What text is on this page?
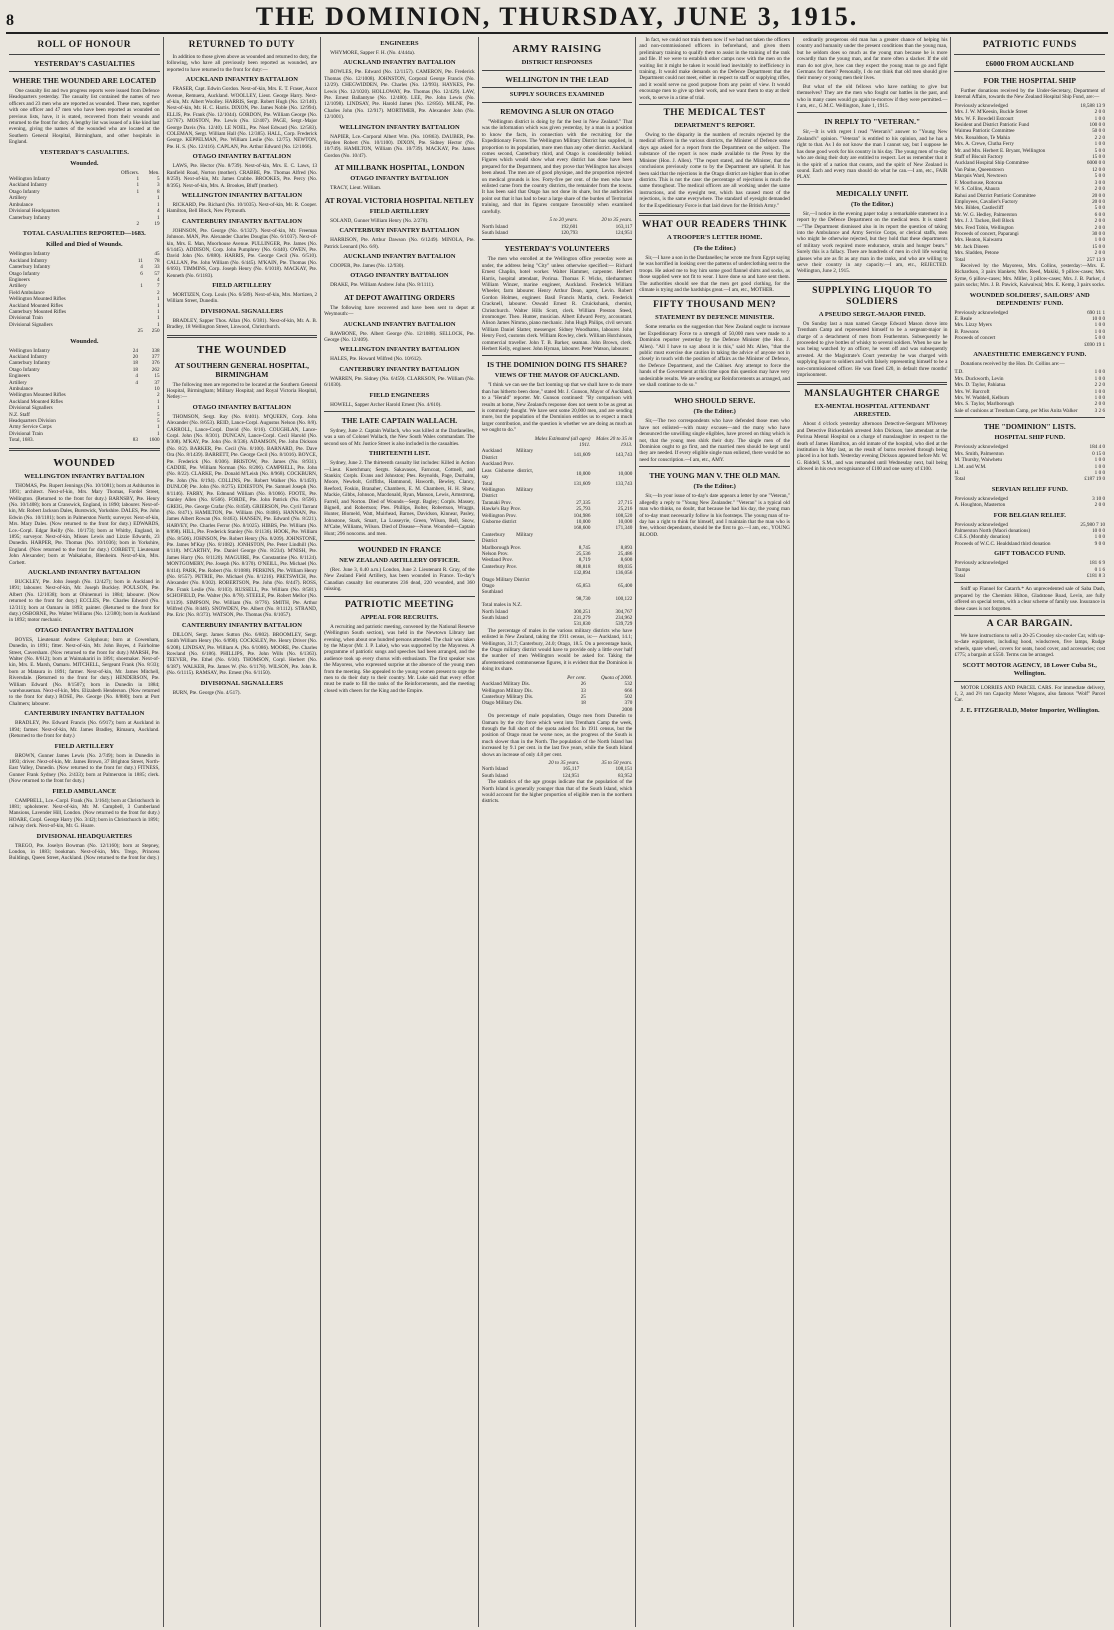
8	THE DOMINION, THURSDAY, JUNE 3, 1915.
ROLL OF HONOUR
YESTERDAY'S CASUALTIES
WHERE THE WOUNDED ARE LOCATED

One casualty list and two progress reports were issued from Defence Headquarters yesterday. The casualty list contained the names of two officers and 23 men who are reported as wounded. These men, together with one officer and 47 men who have been reported as wounded on previous lists, have, it is stated, recovered from their wounds and returned to the front for duty. A lengthy list was issued of a like kind last evening, giving the names of the wounded who are located at the Southern General Hospital, Birmingham, and other hospitals in England.

YESTERDAY'S CASUALTIES.
Wounded.
	Officers.	Men.
Wellington Infantry	1	5
Auckland Infantry	1	3
Otago Infantry	1	8
Artillery		1
Ambulance		1
Divisional Headquarters		4
Canterbury Infantry		1
	2	19
TOTAL CASUALTIES REPORTED—1683.
Killed and Died of Wounds.
Wellington Infantry		45
Auckland Infantry	11	78
Canterbury Infantry	4	33
Otago Infantry	6	57
Engineers		4
Artillery	1	7
Field Ambulance		2
Wellington Mounted Rifles		1
Auckland Mounted Rifles		1
Canterbury Mounted Rifles		1
Divisional Train		1
Divisional Signallers		1
	25	250
Wounded.
Wellington Infantry	24	338
Auckland Infantry	20	377
Canterbury Infantry	18	376
Otago Infantry	18	262
Engineers	4	15
Artillery	4	37
Ambulance		10
Wellington Mounted Rifles		2
Auckland Mounted Rifles		1
Divisional Signallers		1
N.Z. Staff		5
Headquarters Division		5
Army Service Corps		1
Divisional Train		1
Total, 1683.	83	1600
WOUNDED
WELLINGTON INFANTRY BATTALION

THOMAS, Pte. Rupert Jennings (No. 10/1081); born at Ashburton in 1891; architect. Next-of-kin, Mrs. Mary Thomas, Fordel Street, Wellington. (Returned to the front for duty.) BARNSBY, Pte. Henry (No. 10/1408); born at Cranswick, England, in 1890; labourer. Next-of-kin, Mr. Robert Jackson Dales, Burstwick, Yorkshire. DALES, Pte. John Edwin (No. 10/1181); born in Palmerston North; surveyor. Next-of-kin, Mrs. Mary Dales. (Now returned to the front for duty.) EDWARDS, Lce.-Corpl. Edgar Reilly (No. 10/173); born at Whitby, England, in 1895; surveyor. Next-of-kin, Misses Lewis and Lizzie Edwards, 23 Dunedin. HARPER, Pte. Thomas (No. 10/1036); born in Yorkshire, England. (Now returned to the front for duty.) CORBETT, Lieutenant John Alexander; born at Waikakaho, Blenheim. Next-of-kin, Mrs. Corbett.

AUCKLAND INFANTRY BATTALION

BUCKLEY, Pte. John Joseph (No. 12/427); born in Auckland in 1891; labourer. Next-of-kin, Mr. Joseph Buckley. POULSON, Pte. Albert (No. 12/1038); born at Ohinemuri in 1884; labourer. (Now returned to the front for duty.) ECCLES, Pte. Charles Edward (No. 12/311); born at Oamaru in 1893; painter. (Returned to the front for duty.) OSBORNE, Pte. Walter Williams (No. 12/380); born in Auckland in 1892; motor mechanic.

OTAGO INFANTRY BATTALION

BOYES, Lieutenant Andrew Colquhoun; born at Cowenham, Dunedin, in 1891; fitter. Next-of-kin, Mr. John Boyes, 4 Fairholme Street, Caversham. (Now returned to the front for duty.) MARSH, Pte. Walter (No. 8/612); born at Waimakariri in 1891; shoemaker. Next-of-kin, Mrs. E. Marsh, Oamaru. MITCHELL, Sergeant Frank (No. 8/33); born at Mataura in 1891; farmer. Next-of-kin, Mr. James Mitchell, Riversdale. (Returned to the front for duty.) HENDERSON, Pte. William Edward (No. 8/1507); born in Dunedin in 1884; warehouseman. Next-of-kin, Mrs. Elizabeth Henderson. (Now returned to the front for duty.) ROSE, Pte. George (No. 8/880); born at Port Chalmers; labourer.

CANTERBURY INFANTRY BATTALION

BRADLEY, Pte. Edward Francis (No. 6/917); born at Auckland in 1894; farmer. Next-of-kin, Mr. James Bradley, Rimaura, Auckland. (Returned to the front for duty.)

FIELD ARTILLERY

BROWN, Gunner James Lewis (No. 2/749); born in Dunedin in 1893; driver. Next-of-kin, Mr. James Brown, 37 Brighton Street, North-East Valley, Dunedin. (Now returned to the front for duty.) FITNESS, Gunner Frank Sydney (No. 2/433); born at Palmerston in 1885; clerk. (Now returned to the front for duty.)

FIELD AMBULANCE

CAMPBELL, Lce.-Corpl. Frank (No. 3/164); born at Christchurch in 1881; upholsterer. Next-of-kin, Mr. M. Campbell, 3 Cumberland Mansions, Lavender Hill, London. (Now returned to the front for duty.) HOARE, Corpl. George Harry (No. 3/42); born in Christchurch in 1891; railway clerk. Next-of-kin, Mr. G. Hoare.

DIVISIONAL HEADQUARTERS

TREGO, Pte. Joselyn Bowman (No. 12/1160); born at Stepney, London, in 1883; bookman. Next-of-kin, Mrs. Trego, Princess Buildings, Queen Street, Auckland. (Now returned to the front for duty.)

RETURNED TO DUTY

In addition to those given above as wounded and returned to duty, the following, who have all previously been reported as wounded, are reported to have returned to the front for duty:—

AUCKLAND INFANTRY BATTALION

FRASER, Capt. Edwin Gordon. Next-of-kin, Mrs. E. T. Fraser, Ascot Avenue, Remuera, Auckland. WOOLLEY, Lieut. George Harry. Next-of-kin, Mr. Albert Woolley. HARRIS, Sergt. Robert Hugh (No. 12/140). Next-of-kin, Mr. H. C. Harris. DIXON, Pte. James Noble (No. 12/994). ELLIS, Pte. Frank (No. 12/1044). GORDON, Pte. William George (No. 12/767). MOSTON, Pte. Lewis (No. 12/407). PAGE, Sergt.-Major George Davis (No. 12/40). LE NOEL, Pte. Noel Edward (No. 12/583). COLEMAN, Sergt. William Hall (No. 12/385). HALL, Corp. Frederick George. KEPPELMAN, Pte. William Leslie (No. 12/75). NEWTON, Pte. H. S. (No. 12/416). CAPLAN, Pte. Arthur Edward (No. 12/1066).

OTAGO INFANTRY BATTALION

LAWS, Pte. Hector (No. 8/739). Next-of-kin, Mrs. E. C. Laws, 13 Ranfield Road, Norton (mother). CRABBE, Pte. Thomas Alfred (No. 8/259). Next-of-kin, Mr. James Crabbe. BROOKES, Pte. Percy (No. 8/395). Next-of-kin, Mrs. A. Brookes, Bluff (mother).

WELLINGTON INFANTRY BATTALION

RICKARD, Pte. Richard (No. 10/1035). Next-of-kin, Mr. R. Cooper. Hamilton, Bell Block, New Plymouth.

CANTERBURY INFANTRY BATTALION

JOHNSON, Pte. George (No. 6/1327). Next-of-kin, Mr. Freeman Johnson. MAN, Pte. Alexander Charles Douglas (No. 6/1037). Next-of-kin, Mrs. E. Man, Moorhouse Avenue. PULLINGER, Pte. James (No. 6/1445). ADDISON, Corp. John Pumphrey (No. 6/440). OWEN, Pte. David John (No. 6/880). HARRIS, Pte. George Cecil (No. 6/510). CALLAN, Pte. John William (No. 6/445). M'KAIN, Pte. Thomas (No. 6/693). TIMMINS, Corp. Joseph Henry (No. 6/1018). MACKAY, Pte. Kenneth (No. 6/1183).

FIELD ARTILLERY

MORTIZEN, Corp. Louis (No. 6/589). Next-of-kin, Mrs. Mortizen, 2 William Street, Dunedin.

DIVISIONAL SIGNALLERS

BRADLEY, Sapper Thos. Allan (No. 6/381). Next-of-kin, Mr. A. B. Bradley, 18 Wellington Street, Linwood, Christchurch.

THE WOUNDED
AT SOUTHERN GENERAL HOSPITAL, BIRMINGHAM

The following men are reported to be located at the Southern General Hospital, Birmingham; Military Hospital; and Royal Victoria Hospital, Netley:—

OTAGO INFANTRY BATTALION

THOMSON, Sergt. Ray (No. 8/401). M'QUEEN, Corp. John Alexander (No. 8/653). REID, Lance-Corpl. Augustus Nelson (No. 8/8). CARROLL, Lance-Corpl. David (No. 8/16). COUGHLAN, Lance-Corpl. John (No. 8/301). DUNCAN, Lance-Corpl. Cecil Harold (No. 8/308). M'KAY, Pte. John (No. 8/336). ADAMSON, Pte. John Dickson (No. 8/2). BARKER, Pte. Cecil (No. 8/100). BARNARD, Pte. Dave Ora (No. 8/1439). BARRETT, Pte. George Cecil (No. 8/1016). BOYCE, Pte. Frederick (No. 8/306). BRISTOW, Pte. James (No. 8/931). CADDIE, Pte. William Norman (No. 8/206). CAMPBELL, Pte. John (No. 8/22). CLARKE, Pte. Donald M'Leish (No. 8/968). COCKBURN, Pte. John (No. 8/194). COLLINS, Pte. Robert Walker (No. 8/1459). DUNLOP, Pte. John (No. 8/275). EDIESTON, Pte. Samuel Joseph (No. 8/1146). FARRY, Pte. Edmund William (No. 8/1066). FOOTE, Pte. Stanley Allen (No. 8/566). FORDE, Pte. John Patrick (No. 8/596). GREIG, Pte. George Crafar (No. 8/458). GRIERSON, Pte. Cyril Tarrant (No. 8/471). HAMILTON, Pte. William (No. 8/486). HANNAN, Pte. James Albert Rowan (No. 8/463). HANSEN, Pte. Edward (No. 8/221). HARVEY, Pte. Charles Ferror (No. 8/1025). HIBBS, Pte. William (No. 8/898). HILL, Pte. Frederick Stanley (No. 8/1136). HOOK, Pte. William (No. 8/506). JOHNSON, Pte. Robert Henry (No. 8/209). JOHNSTONE, Pte. James M'Kay (No. 8/1082). JONHSTON, Pte. Peter Lindhill (No. 8/118). M'CARTHY, Pte. Daniel George (No. 8/234). M'NISH, Pte. James Harry (No. 8/1120). MAGUIRE, Pte. Constantine (No. 8/1124). MONTGOMERY, Pte. Joseph (No. 8/370). O'NEILL, Pte. Michael (No. 8/414). PARK, Pte. Robert (No. 8/1088). PERKINS, Pte. William Henry (No. 8/557). PETRIE, Pte. Michael (No. 8/1216). PRETSWICH, Pte. Alexander (No. 8/302). ROBERTSON, Pte. John (No. 8/447). ROSS, Pte. Frank Leslie (No. 8/103). RUSSELL, Pte. William (No. 8/581). SCHOFIELD, Pte. Walter (No. 8/78). STEELE, Pte. Robert Mellor (No. 8/1139). SIMPSON, Pte. William (No. 8/776). SMITH, Pte. Arthur Wilfred (No. 8/446). SNOWDEN, Pte. Albert (No. 8/1112). STRAND, Pte. Eric (No. 8/373). WATSON, Pte. Thomas (No. 8/1057).

CANTERBURY INFANTRY BATTALION

DILLON, Sergt. James Sutton (No. 6/802). BROOMLEY, Sergt. Smith William Henry (No. 6/890). COCKSLEY, Pte. Henry Driver (No. 6/208). LINDSAY, Pte. William A. (No. 6/1086). MOORE, Pte. Charles Rowland (No. 6/186). PHILLIPS, Pte. John Wills (No. 6/1363). TEEVER, Pte. Ethel (No. 6/30). THOMSON, Corpl. Herbert (No. 6/387). WALKER, Pte. James W. (No. 6/1178). WILSON, Pte. John R. (No. 6/1115). RAMSAY, Pte. Ernest (No. 6/1150).

DIVISIONAL SIGNALLERS

BURN, Pte. George (No. 4/517).

ENGINEERS

WHYMORE, Sapper F. H. (No. 4/444a).

AUCKLAND INFANTRY BATTALION

BOWLES, Pte. Edward (No. 12/1157). CAMERON, Pte. Frederick Thomas (No. 12/1008). JOHNSTON, Corporal George Francis (No. 12/29). CHEGWIDDEN, Pte. Charles (No. 12/993). HAYKES, Pte. Lewis (No. 12/1020). HOLLOWAY, Pte. Thomas (No. 12/429). LAW, Pte. Ernest Ballantyne (No. 12/480). LEE, Pte. John Lewis (No. 12/1098). LINDSAY, Pte. Harold James (No. 12/856). MILNE, Pte. Charles John (No. 12/917). MORTIMER, Pte. Alexander John (No. 12/1001).

WELLINGTON INFANTRY BATTALION

NAPIER, Lce.-Corporal Albert Wm. (No. 10/863). DAUBER, Pte. Hayden Robert (No. 10/1100). DIXON, Pte. Sidney Hector (No. 10/749). HAMILTON, William (No. 10/739). MACKAY, Pte. James Gordon (No. 10/47).

AT MILLBANK HOSPITAL, LONDON
OTAGO INFANTRY BATTALION

TRACY, Lieut. William.

AT ROYAL VICTORIA HOSPITAL NETLEY
FIELD ARTILLERY

SOLAND, Gunner William Henry (No. 2/278).

CANTERBURY INFANTRY BATTALION

HARRISON, Pte. Arthur Dawson (No. 6/1249). MINOLA, Pte. Patrick Leonard (No. 6/8).

AUCKLAND INFANTRY BATTALION

COOPER, Pte. James (No. 12/930).

OTAGO INFANTRY BATTALION

DRAKE, Pte. William Andrew John (No. 8/1111).

AT DEPOT AWAITING ORDERS

The following have recovered and have been sent to depot at Weymouth:—

AUCKLAND INFANTRY BATTALION

RAWBONE, Pte. Albert George (No. 12/1088). SELLOCK, Pte. George (No. 12/409).

WELLINGTON INFANTRY BATTALION

HALES, Pte. Howard Wilfred (No. 10/612).

CANTERBURY INFANTRY BATTALION

WARREN, Pte. Sidney (No. 6/459). CLARKSON, Pte. William (No. 6/1030).

FIELD ENGINEERS

HOWELL, Sapper Archer Harold Ernest (No. 4/610).

THE LATE CAPTAIN WALLACH.

Sydney, June 2. Captain Wallach, who was killed at the Dardanelles, was a son of Colonel Wallach, the New South Wales commandant. The second son of Mr. Justice Street is also included in the casualties.

THIRTEENTH LIST.

Sydney, June 2. The thirteenth casualty list includes: Killed in Action—Lieut. Knetchman; Sergts. Sakavasos, Farncoat, Cottnell, and Stankin; Corpls. Evans and Johnston; Ptes. Reynolds, Page, Durhalm, Moore, Newbolt, Griffiths, Hammond, Haworth, Bewley, Clancy, Reeford, Foskin, Branaher, Chambers, E. M. Chambers, H. H. Shaw, Mackie, Gibbs, Johnson, Macdonald, Ryan, Manson, Lewis, Armstrong, Farrell, and Norton. Died of Wounds—Sergt. Bagley; Corpls. Massey, Bignell, and Robertson; Ptes. Phillips, Bolter, Robertson, Wraggs, Hunter, Blomeld, Watt, Muirhead, Barnes, Davidson, Kinnear, Pasley, Johnstone, Stark, Smart, La Lusseyrie, Green, Wilson, Bell, Snow, M'Cabe, Williams, Wilson. Died of Disease—None. Wounded—Captain Hunt; 296 noncoms. and men.

WOUNDED IN FRANCE
NEW ZEALAND ARTILLERY OFFICER.

(Rec. June 3, 0.40 a.m.) London, June 2. Lieutenant R. Gray, of the New Zealand Field Artillery, has been wounded in France. To-day's Canadian casualty list enumerates 236 dead, 220 wounded, and 360 missing.

PATRIOTIC MEETING
APPEAL FOR RECRUITS.

A recruiting and patriotic meeting, convened by the National Reserve (Wellington South section), was held in the Newtown Library last evening, when about one hundred persons attended. The chair was taken by the Mayor (Mr. J. P. Luke), who was supported by the Mayoress. A programme of patriotic songs and speeches had been arranged, and the audience took up every chorus with enthusiasm. The first speaker was the Mayoress, who expressed surprise at the absence of the young men from the meeting. She appealed to the young women present to urge the men to do their duty to their country. Mr. Luke said that every effort must be made to fill the ranks of the Reinforcements, and the meeting closed with cheers for the King and the Empire.

ARMY RAISING
DISTRICT RESPONSES
WELLINGTON IN THE LEAD
SUPPLY SOURCES EXAMINED
REMOVING A SLUR ON OTAGO

"Wellington district is doing by far the best in New Zealand." That was the information which was given yesterday, by a man in a position to know the facts, in connection with the recruiting for the Expeditionary Forces. The Wellington Military District has supplied, in proportion to its population, more men than any other district. Auckland comes second, Canterbury third, and Otago is considerably behind. Figures which would show what every district has done have been prepared for the Department, and they prove that Wellington has always been ahead. The men are of good physique, and the proportion rejected on medical grounds is low. Forty-five per cent. of the men who have enlisted came from the country districts, the remainder from the towns. It has been said that Otago has not done its share, but the authorities point out that it has had to bear a large share of the burden of Territorial training, and that its figures compare favourably when examined carefully.

	5 to 20 years.	20 to 35 years.
North Island	192,601	163,117
South Island	120,793	124,951
YESTERDAY'S VOLUNTEERS

The men who enrolled at the Wellington office yesterday were as under, the address being "City" unless otherwise specified:— Richard Ernest Chaplin, hotel worker. Walter Hammer, carpenter. Herbert Harris, hospital attendant, Porirua. Thomas F. Wicks, tilerhammer. William Winzer, marine engineer, Auckland. Frederick William Wheeler, farm labourer. Henry Arthur Dean, agent, Levin. Robert Gordon Holmes, engineer. Basil Francis Martin, clerk. Frederick Cracknell, labourer. Oswald Ernest R. Cruickshank, chemist, Christchurch. Walter Hills Scott, clerk. William Preston Steed, ironmonger. Theo. Hunter, musician. Albert Edward Perry, accountant. Alison James Nimmo, piano mechanic. John Hugh Philips, civil servant. William Daniel Slatter, messenger. Sidney Woodhams, labourer. John Henry Ford, customs clerk. William Rowley, clerk. William Hutchinson, commercial traveller. John T. B. Barker, seaman. John Brown, clerk. Herbert Kelly, engineer. John Hyman, labourer. Peter Watson, labourer.

IS THE DOMINION DOING ITS SHARE?
VIEWS OF THE MAYOR OF AUCKLAND.

"I think we can see the fact looming up that we shall have to do more than has hitherto been done," stated Mr. J. Gunson, Mayor of Auckland, to a "Herald" reporter. Mr. Gunson continued: "By comparison with results at home, New Zealand's response does not seem to be as great as is commonly thought. We have sent some 20,000 men, and are sending more, but the population of the Dominion entitles us to expect a much larger contribution, and the question is whether we are doing as much as we ought to do."

	Males Estimated (all ages) 1911.	Males 20 to 35 in 1913.
Auckland Military District	141,609	143,743
Auckland Prov.		
Leas Gisborne district, say	10,000	10,000
Total	131,609	133,743
Wellington Military District		
Taranaki Prov.	27,335	27,715
Hawke's Bay Prov.	25,793	25,216
Wellington Prov.	104,986	108,520
Gisborne district	10,000	10,000
	168,600	171,340
Canterbury Military District		
Marlborough Prov.	8,745	8,893
Nelson Prov.	25,536	25,486
Westland Prov.	8,719	8,600
Canterbury Prov.	88,818	89,035
	132,894	136,056
Otago Military District		
Otago	65,853	65,400
Southland		
	98,730	100,122
Total males in N.Z.		
North Island	300,251	304,767
South Island	231,279	234,962
	531,830	539,729

The percentage of males in the various military districts who have enlisted in New Zealand, taking the 1911 census, is:— Auckland, 14.1; Wellington, 31.7; Canterbury, 24.0; Otago, 18.5. On a percentage basis, the Otago military district would have to provide only a little over half the number of men Wellington would be asked for. Taking the aforementioned commonsense figures, it is evident that the Dominion is doing its share.

	Per cent.	Quota of 2000.
Auckland Military Dis.	26	532
Wellington Military Dis.	33	666
Canterbury Military Dis.	25	502
Otago Military Dis.	18	370
		2000

On percentage of male population, Otago men from Dunedin to Oamaru by the city force which went into Trentham Camp the week, through the full short of the quota asked for. In 1911 census, but the position of Otago must be worse now, as the progress of the South is much slower than in the North. The population of the North Island has increased by 9.1 per cent. in the last five years, while the South Island shows an increase of only 4.8 per cent.

	20 to 35 years.	35 to 50 years.
North Island	165,117	108,151
South Island	124,951	83,952

The statistics of the age groups indicate that the population of the North Island is generally younger than that of the South Island, which would account for the higher proportion of eligible men in the northern districts.

In fact, we could not train them now if we had not taken the officers and non-commissioned officers in beforehand, and given them preliminary training to qualify them to assist in the training of the rank and file. If we were to establish other camps now with the men on the waiting list it might be taken it would lead inevitably to inefficiency in training. It would make demands on the Defence Department that the Department could not meet, either in respect to staff or supplying rifles, and it would serve no good purpose from any point of view. It would encourage men to give up their work, and we want them to stay at their work, to serve in a time of trial.

THE MEDICAL TEST
DEPARTMENT'S REPORT.

Owing to the disparity in the numbers of recruits rejected by the medical officers in the various districts, the Minister of Defence some days ago asked for a report from the Department on the subject. The substance of the report is now made available to the Press by the Minister (Hon. J. Allen). "The report stated, and the Minister, that the conclusions previously come to by the Department are upheld. It has been said that the rejections in the Otago district are higher than in other districts. This is not the case: the percentage of rejections is much the same throughout. The medical officers are all working under the same instructions, and the eyesight test, which has caused most of the rejections, is the same everywhere. The standard of eyesight demanded for the Expeditionary Force is that laid down for the British Army."

WHAT OUR READERS THINK
A TROOPER'S LETTER HOME.
(To the Editor.)

Sir,—I have a son in the Dardanelles; he wrote me from Egypt saying he was horrified in looking over the patterns of underclothing sent to the troops. He asked me to buy him some good flannel shirts and socks, as those supplied were not fit to wear. I have done so and have sent them. The authorities should see that the men get good clothing, for the climate is trying and the hardships great.—I am, etc., MOTHER.

FIFTY THOUSAND MEN?
STATEMENT BY DEFENCE MINISTER.

Some remarks on the suggestion that New Zealand ought to increase her Expeditionary Force to a strength of 50,000 men were made to a Dominion reporter yesterday by the Defence Minister (the Hon. J. Allen). "All I have to say about it is this," said Mr. Allen, "that the public must exercise due caution in taking the advice of anyone not in closely in touch with the position of affairs as the Minister of Defence, the Defence Department, and the Cabinet. Any attempt to force the hands of the Government at this time upon this question may have very undesirable results. We are sending our Reinforcements as arranged, and we shall continue to do so."

WHO SHOULD SERVE.
(To the Editor.)

Sir,—The two correspondents who have defended those men who have not enlisted—with many excuses—and the many who have denounced the unwilling single eligibles, have proved on thing which is not, that the young men shirk their duty. The single men of the Dominion ought to go first, and the married men should be kept until they are needed. If every eligible single man enlisted, there would be no need for conscription.—I am, etc., AMY.

THE YOUNG MAN V. THE OLD MAN.
(To the Editor.)

Sir,—In your issue of to-day's date appears a letter by one "Veteran," allegedly a reply to "Young New Zealander." "Veteran" is a typical old man who thinks, no doubt, that because he had his day, the young man of to-day must necessarily follow in his footsteps. The young man of to-day has a right to think for himself, and I maintain that the man who is free, without dependants, should be the first to go.—I am, etc., YOUNG BLOOD.

ordinarily prosperous old man has a greater chance of helping his country and humanity under the present conditions than the young man, but he seldom does so much as the young man because he is more cowardly than the young man, and far more often a slacker. If the old man do not give, how can they expect the young man to go and fight Germans for them? Personally, I do not think that old men should give their money or young men their lives.

But what of the old fellows who have nothing to give but themselves? They are the men who fought our battles in the past, and who in many cases would go again to-morrow if they were permitted.—I am, etc., G.M.C. Wellington, June 1, 1915.

IN REPLY TO "VETERAN."

Sir,—It is with regret I read "Veteran's" answer to "Young New Zealand's" opinion. "Veteran" is entitled to his opinion, and he has a right to that. As I do not know the man I cannot say, but I suppose he has done good work for his country in his day. The young men of to-day who are doing their duty are entitled to respect. Let us remember that it is the spirit of a nation that counts, and the spirit of New Zealand is sound. Each and every man should do what he can.—I am, etc., FAIR PLAY.

MEDICALLY UNFIT.
(To the Editor.)

Sir,—I notice in the evening paper today a remarkable statement in a report by the Defence Department on the medical tests. It is stated:—"The Department dismissed also in its report the question of taking into the Ambulance and Army Service Corps, or clerical staffs, men who might be otherwise rejected, but they hold that these departments of military work required more endurance, strain and hunger bears." Surely this is a fallacy. There are hundreds of men in civil life wearing glasses who are as fit as any man in the ranks, and who are willing to serve their country in any capacity.—I am, etc., REJECTED. Wellington, June 2, 1915.

SUPPLYING LIQUOR TO SOLDIERS
A PSEUDO SERGT.-MAJOR FINED.

On Sunday last a man named George Edward Mason drove into Trentham Camp and represented himself to be a sergeant-major in charge of a detachment of men from Featherston. Subsequently he proceeded to give bottles of whisky to several soldiers. When he saw he was being watched by an officer, he went off and was subsequently arrested. At the Magistrate's Court yesterday he was charged with supplying liquor to soldiers and with falsely representing himself to be a non-commissioned officer. He was fined £20, in default three months' imprisonment.

MANSLAUGHTER CHARGE
EX-MENTAL HOSPITAL ATTENDANT ARRESTED.

About 4 o'clock yesterday afternoon Detective-Sergeant M'Ilveney and Detective Bickerdaleh arrested John Dickson, late attendant at the Porirua Mental Hospital on a charge of manslaughter in respect to the death of James Hamilton, an old inmate of the hospital, who died at the institution in May last, as the result of burns received through being placed in a hot bath. Yesterday evening Dickson appeared before Mr. W. G. Riddell, S.M., and was remanded until Wednesday next, bail being allowed in his own recognisance of £100 and one surety of £100.

PATRIOTIC FUNDS
£6000 FROM AUCKLAND
FOR THE HOSPITAL SHIP

Further donations received by the Under-Secretary, Department of Internal Affairs, towards the New Zealand Hospital Ship Fund, are:—

Previously acknowledged	18,588 13 9
Mrs. J. W. M'Keesin, Buckle Street	2 0 0
Mrs. W. F. Bowdell Estcourt	1 0 0
Resident and District Patriotic Fund	100 0 0
Waimea Patriotic Committee	50 0 0
Mrs. Ronaldson, Te Mahia	2 2 0
Mrs. A. Crewe, Clutha Ferry	1 0 0
Mr. and Mrs. Herbert E. Bryant, Wellington	5 0 0
Staff of Biscuit Factory	15 0 0
Auckland Hospital Ship Committee	6000 0 0
Van Paine, Queenstown	12 0 0
Marquis Ward, Newtown	5 0 0
F. Moorhouse, Rotorua	3 0 0
W. S. Collins, Ahaura	2 0 0
Rahui and District Patriotic Committee	20 0 0
Employees, Cavalier's Factory	20 0 0
Mrs. Bilden, Castlecliff	5 0 0
Mr. W. G. Hedley, Palmerston	6 0 0
Mrs. J. J. Tacken, Bell Block	2 0 0
Mrs. Fred Tobin, Wellington	2 0 0
Proceeds of concert, Paparangi	30 0 0
Mrs. Heaton, Kaiwarra	1 0 0
Mr. Jack Dineen	15 0 0
Mrs. Sladden, Petone	2 0 0
Total	257 13 9

Received by the Mayoress, Mrs. Collins, yesterday:—Mrs. E. Richardson, 3 pairs blankets; Mrs. Reed, Makiki, 9 pillow-cases; Mrs. Syme, 6 pillow-cases; Mrs. Miller, 3 pillow-cases; Mrs. J. B. Parker, 4 pairs socks; Mrs. J. B. Pawick, Kaiwaiwai; Mrs. E. Kemp, 3 pairs socks.

WOUNDED SOLDIERS', SAILORS' AND DEPENDENTS' FUND.
Previously acknowledged	690 11 1
E. Reale	10 0 0
Mrs. Lizzy Myers	1 0 0
B. Pawsons	1 0 0
Proceeds of concert	5 0 0
	£690 19 1
ANAESTHETIC EMERGENCY FUND.

Donations received by the Hon. Dr. Collins are:—

T.D.	1 0 0
Mrs. Duckworth, Levin	1 0 0
Mrs. D. Taylor, Pahiatua	2 2 0
Mrs. W. Barcroft	1 0 0
Mrs. W. Waddell, Kelburn	1 0 0
Mrs. S. Taylor, Marlborough	2 0 0
Sale of cushions at Trentham Camp, per Miss Anita Walker	3 2 6
THE "DOMINION" LISTS.
HOSPITAL SHIP FUND.
Previously acknowledged	184 4 0
Mrs. Smith, Palmerston	0 15 0
M. Thursby, Waiwhetu	1 0 0
L.M. and W.M.	1 0 0
H.	1 0 0
Total	£187 19 0
SERVIAN RELIEF FUND.
Previously acknowledged	3 10 0
A. Houghton, Masterton	2 0 0
FOR BELGIAN RELIEF.
Previously acknowledged	25,980 7 10
Palmerston North (Maori donations)	10 0 0
C.E.S. (Monthly donation)	1 0 0
Proceeds of W.C.C. Healdsland third donation	9 0 0
GIFT TOBACCO FUND.
Previously acknowledged	181 6 9
Tramps	0 1 6
Total	£181 8 3

Sniff up Flannel for Catarrh.* An unprecedented sale of Saba Dash, prepared by the Chemists Hilton, Gladstone Road, Levin, are fully offered on special terms, with a clear scheme of family use. Insurance in these cases is not forgotten.

A CAR BARGAIN.

We have instructions to sell a 20-25 Crossley six-cooler Car, with up-to-date equipment, including hood, windscreen, five lamps, Rudge wheels, spare wheel, covers for seats, hood cover, and accessories; cost £775; a bargain at £550. Terms can be arranged.

SCOTT MOTOR AGENCY, 18 Lower Cuba St., Wellington.

MOTOR LORRIES AND PARCEL CARS. For immediate delivery, 1, 2, and 2½ ton Capacity Motor Wagons, also famous "Wolf" Parcel Car.

J. E. FITZGERALD, Motor Importer, Wellington.
